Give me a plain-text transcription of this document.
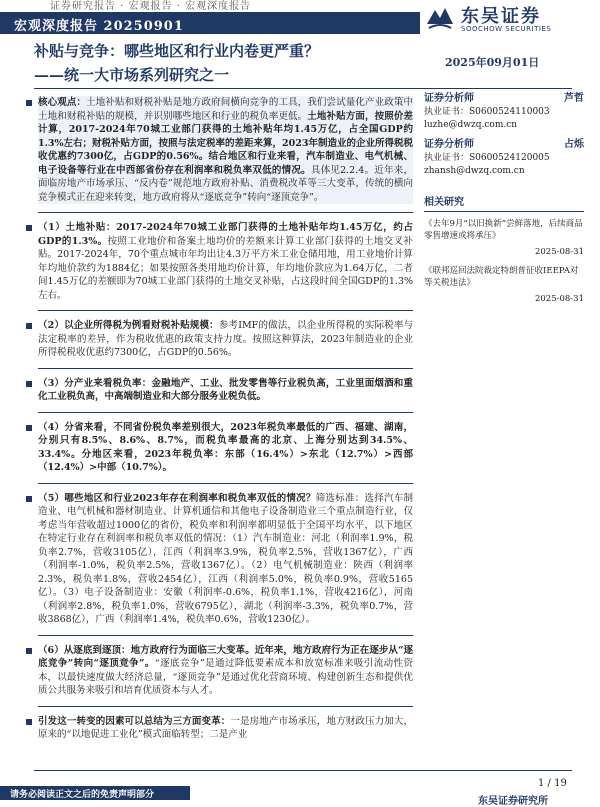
证券研究报告 · 宏观报告 · 宏观深度报告
宏观深度报告 20250901	东吴证券
SOOCHOW SECURITIES
补贴与竞争：哪些地区和行业内卷更严重？
——统一大市场系列研究之一
2025年09月01日
证券分析师	芦哲
执业证书：S0600524110003
luzhe@dwzq.com.cn
证券分析师	占烁
执业证书：S0600524120005
zhansh@dwzq.com.cn
相关研究
《去年9月“以旧换新”尝鲜落地，后续商品零售增速或将承压》
2025-08-31
《联邦巡回法院裁定特朗普征收IEEPA对等关税违法》
2025-08-31
核心观点：土地补贴和财税补贴是地方政府间横向竞争的工具，我们尝试量化产业政策中土地和财税补贴的规模，并识别哪些地区和行业的税负率更低。土地补贴方面，按照价差计算，2017-2024年70城工业部门获得的土地补贴年均1.45万亿，占全国GDP约1.3%左右；财税补贴方面，按照与法定税率的差距来算，2023年制造业的企业所得税税收优惠约7300亿，占GDP的0.56%。结合地区和行业来看，汽车制造业、电气机械、电子设备等行业在中西部省份存在利润率和税负率双低的情况。具体见2.2.4。近年来，面临房地产市场承压、“反内卷”规范地方政府补贴、消费税改革等三大变革，传统的横向竞争模式正在迎来转变，地方政府将从“逐底竞争”转向“逐顶竞争”。
（1）土地补贴：2017-2024年70城工业部门获得的土地补贴年均1.45万亿，约占GDP的1.3%。按照工业地价和备案土地均价的差额来计算工业部门获得的土地交叉补贴。2017-2024年，70个重点城市年均出让4.3万平方米工业仓储用地，用工业地价计算年均地价款约为1884亿；如果按照各类用地均价计算，年均地价款应为1.64万亿，二者间1.45万亿的差额即为70城工业部门获得的土地交叉补贴，占这段时间全国GDP的1.3%左右。
（2）以企业所得税为例看财税补贴规模：参考IMF的做法，以企业所得税的实际税率与法定税率的差异，作为税收优惠的政策支持力度。按照这种算法，2023年制造业的企业所得税税收优惠约7300亿，占GDP的0.56%。
（3）分产业来看税负率：金融地产、工业、批发零售等行业税负高，工业里面烟酒和重化工业税负高，中高端制造业和大部分服务业税负低。
（4）分省来看，不同省份税负率差别很大，2023年税负率最低的广西、福建、湖南，分别只有8.5%、8.6%、8.7%，而税负率最高的北京、上海分别达到34.5%、33.4%。分地区来看，2023年税负率：东部（16.4%）>东北（12.7%）>西部（12.4%）>中部（10.7%）。
（5）哪些地区和行业2023年存在利润率和税负率双低的情况？筛选标准：选择汽车制造业、电气机械和器材制造业、计算机通信和其他电子设备制造业三个重点制造行业，仅考虑当年营收超过1000亿的省份，税负率和利润率都明显低于全国平均水平，以下地区在特定行业存在利润率和税负率双低的情况：（1）汽车制造业：河北（利润率1.9%，税负率2.7%，营收3105亿），江西（利润率3.9%，税负率2.5%，营收1367亿），广西（利润率-1.0%，税负率2.5%，营收1367亿）。（2）电气机械制造业：陕西（利润率2.3%，税负率1.8%，营收2454亿），江西（利润率5.0%，税负率0.9%，营收5165亿）。（3）电子设备制造业：安徽（利润率-0.6%，税负率1.1%，营收4216亿），河南（利润率2.8%，税负率1.0%，营收6795亿），湖北（利润率-3.3%，税负率0.7%，营收3868亿），广西（利润率1.4%，税负率0.6%，营收1230亿）。
（6）从逐底到逐顶：地方政府行为面临三大变革。近年来，地方政府行为正在逐步从“逐底竞争”转向“逐顶竞争”。“逐底竞争”是通过降低要素成本和放宽标准来吸引流动性资本，以最快速度做大经济总量，“逐顶竞争”是通过优化营商环境、构建创新生态和提供优质公共服务来吸引和培育优质资本与人才。
引发这一转变的因素可以总结为三方面变革：一是房地产市场承压，地方财政压力加大，原来的“以地促进工业化”模式面临转型；二是产业
1 / 19
东吴证券研究所
请务必阅读正文之后的免责声明部分
